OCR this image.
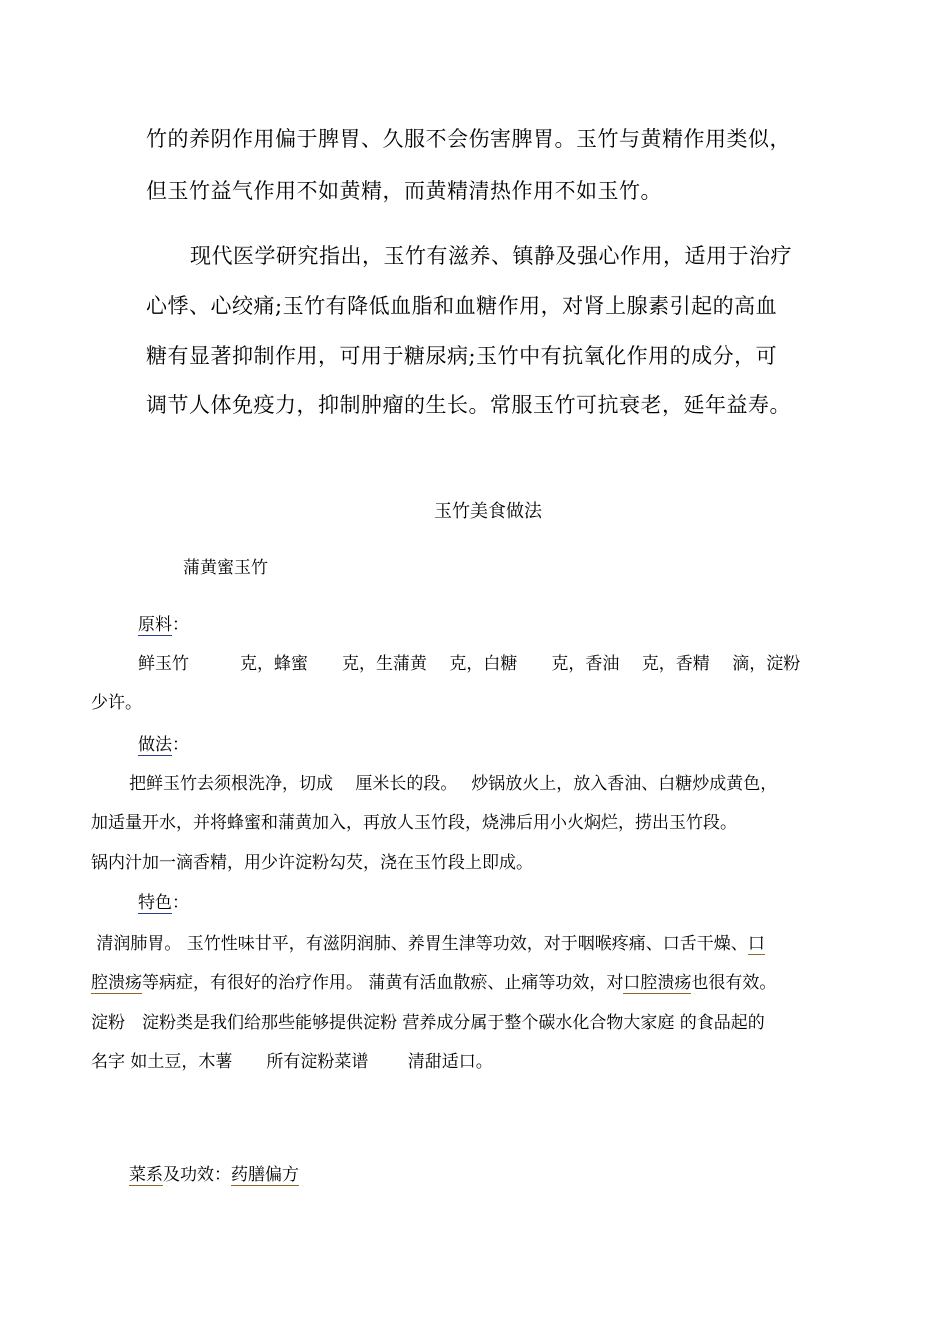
竹的养阴作用偏于脾胃、久服不会伤害脾胃。玉竹与黄精作用类似，
但玉竹益气作用不如黄精，而黄精清热作用不如玉竹。
现代医学研究指出，玉竹有滋养、镇静及强心作用，适用于治疗
心悸、心绞痛;玉竹有降低血脂和血糖作用，对肾上腺素引起的高血
糖有显著抑制作用，可用于糖尿病;玉竹中有抗氧化作用的成分，可
调节人体免疫力，抑制肿瘤的生长。常服玉竹可抗衰老，延年益寿。
玉竹美食做法
蒲黄蜜玉竹
原料：
鲜玉竹　　　克，蜂蜜　　克，生蒲黄　 克，白糖　　克，香油　 克，香精　 滴，淀粉
少许。
做法：
把鲜玉竹去须根洗净，切成　 厘米长的段。　 炒锅放火上，放入香油、白糖炒成黄色，
加适量开水，并将蜂蜜和蒲黄加入，再放人玉竹段，烧沸后用小火焖烂，捞出玉竹段。
锅内汁加一滴香精，用少许淀粉勾芡，浇在玉竹段上即成。
特色：
清润肺胃。 玉竹性味甘平，有滋阴润肺、养胃生津等功效，对于咽喉疼痛、口舌干燥、口
腔溃疡等病症，有很好的治疗作用。 蒲黄有活血散瘀、止痛等功效，对口腔溃疡也很有效。
淀粉　淀粉类是我们给那些能够提供淀粉 营养成分属于整个碳水化合物大家庭 的食品起的
名字 如土豆，木薯　　所有淀粉菜谱　　 清甜适口。
菜系及功效：药膳偏方
